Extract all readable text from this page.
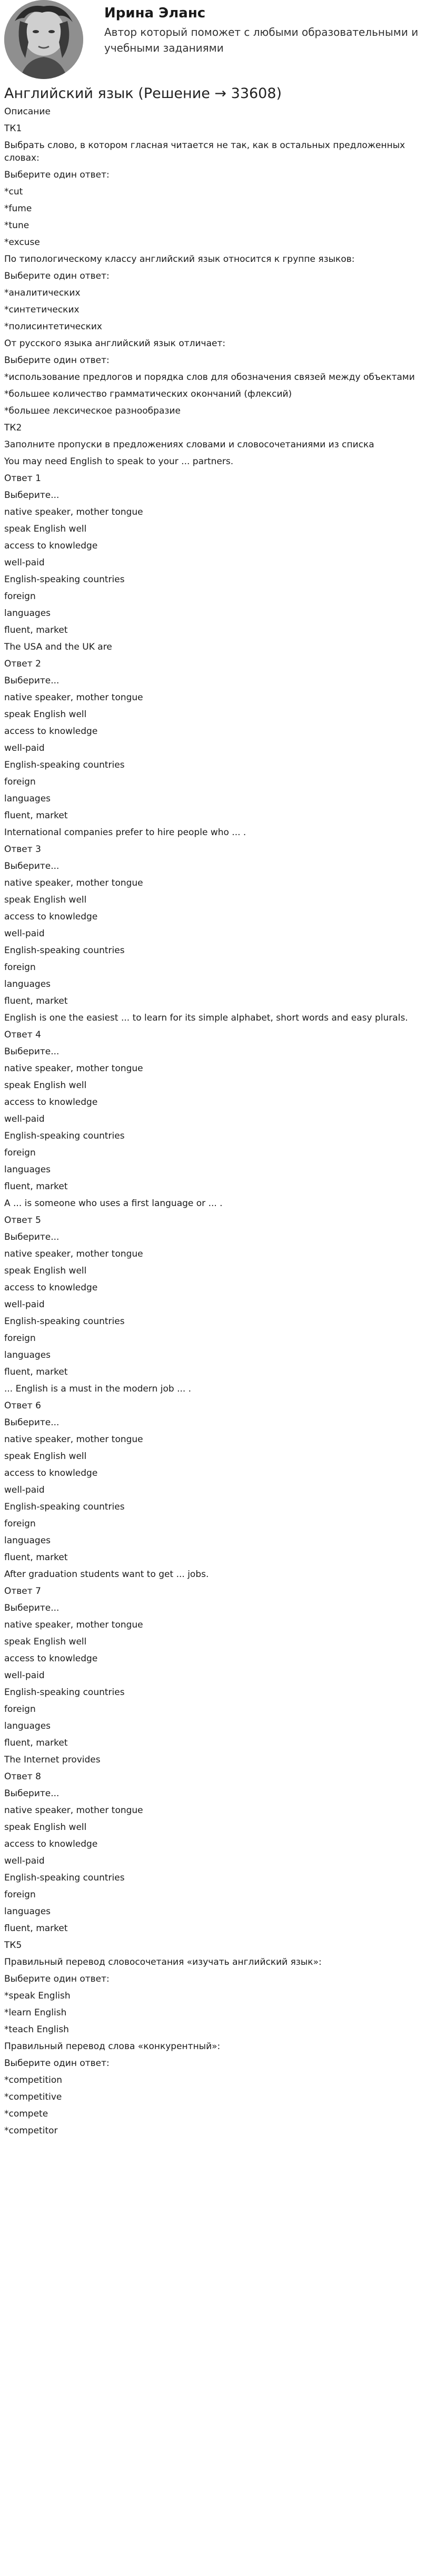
Ирина Эланс
Автор который поможет с любыми образовательными и учебными заданиями
Английский язык (Решение → 33608)

Описание

ТК1

Выбрать слово, в котором гласная читается не так, как в остальных предложенных словах:

Выберите один ответ:

*cut

*fume

*tune

*excuse

По типологическому классу английский язык относится к группе языков:

Выберите один ответ:

*аналитических

*синтетических

*полисинтетических

От русского языка английский язык отличает:

Выберите один ответ:

*использование предлогов и порядка слов для обозначения связей между объектами

*большее количество грамматических окончаний (флексий)

*большее лексическое разнообразие

ТК2

Заполните пропуски в предложениях словами и словосочетаниями из списка

You may need English to speak to your ... partners.

Ответ 1

Выберите...

native speaker, mother tongue

speak English well

access to knowledge

well-paid

English-speaking countries

foreign

languages

fluent, market

The USA and the UK are

Ответ 2

Выберите...

native speaker, mother tongue

speak English well

access to knowledge

well-paid

English-speaking countries

foreign

languages

fluent, market

International companies prefer to hire people who ... .

Ответ 3

Выберите...

native speaker, mother tongue

speak English well

access to knowledge

well-paid

English-speaking countries

foreign

languages

fluent, market

English is one the easiest ... to learn for its simple alphabet, short words and easy plurals.

Ответ 4

Выберите...

native speaker, mother tongue

speak English well

access to knowledge

well-paid

English-speaking countries

foreign

languages

fluent, market

A ... is someone who uses a first language or ... .

Ответ 5

Выберите...

native speaker, mother tongue

speak English well

access to knowledge

well-paid

English-speaking countries

foreign

languages

fluent, market

... English is a must in the modern job ... .

Ответ 6

Выберите...

native speaker, mother tongue

speak English well

access to knowledge

well-paid

English-speaking countries

foreign

languages

fluent, market

After graduation students want to get ... jobs.

Ответ 7

Выберите...

native speaker, mother tongue

speak English well

access to knowledge

well-paid

English-speaking countries

foreign

languages

fluent, market

The Internet provides

Ответ 8

Выберите...

native speaker, mother tongue

speak English well

access to knowledge

well-paid

English-speaking countries

foreign

languages

fluent, market

ТК5

Правильный перевод словосочетания «изучать английский язык»:

Выберите один ответ:

*speak English

*learn English

*teach English

Правильный перевод слова «конкурентный»:

Выберите один ответ:

*competition

*competitive

*compete

*competitor
